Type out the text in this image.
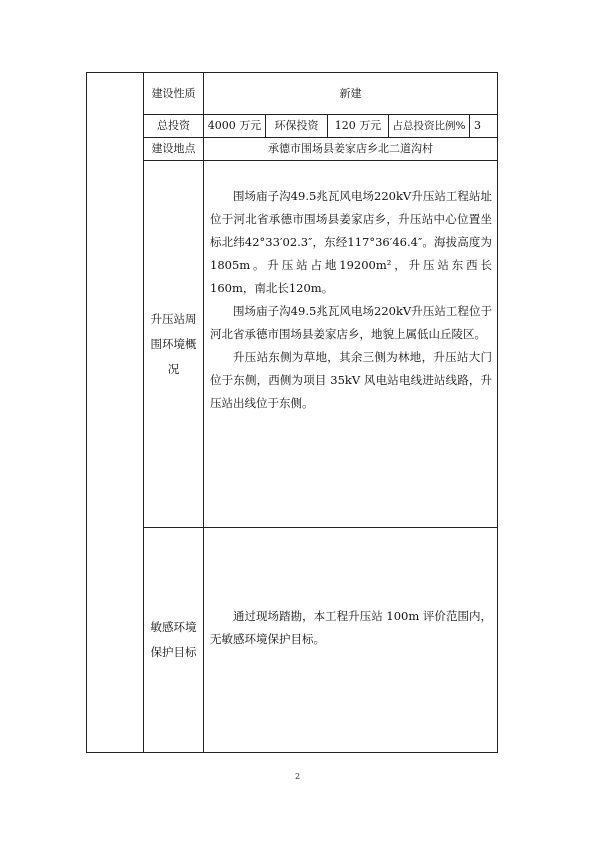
建设性质	新建
总投资	4000 万元	环保投资	120 万元	占总投资比例% 3
建设地点	承德市围场县姜家店乡北二道沟村
升压站周
围环境概
况

围场庙子沟49.5兆瓦风电场220kV升压站工程站址位于河北省承德市围场县姜家店乡，升压站中心位置坐标北纬42°33′02.3″，东经117°36′46.4″。海拔高度为1805m。升压站占地19200m²，升压站东西长160m，南北长120m。

围场庙子沟49.5兆瓦风电场220kV升压站工程位于河北省承德市围场县姜家店乡，地貌上属低山丘陵区。

升压站东侧为草地，其余三侧为林地，升压站大门位于东侧，西侧为项目 35kV 风电站电线进站线路，升压站出线位于东侧。

敏感环境
保护目标

通过现场踏勘，本工程升压站 100m 评价范围内，无敏感环境保护目标。

2
